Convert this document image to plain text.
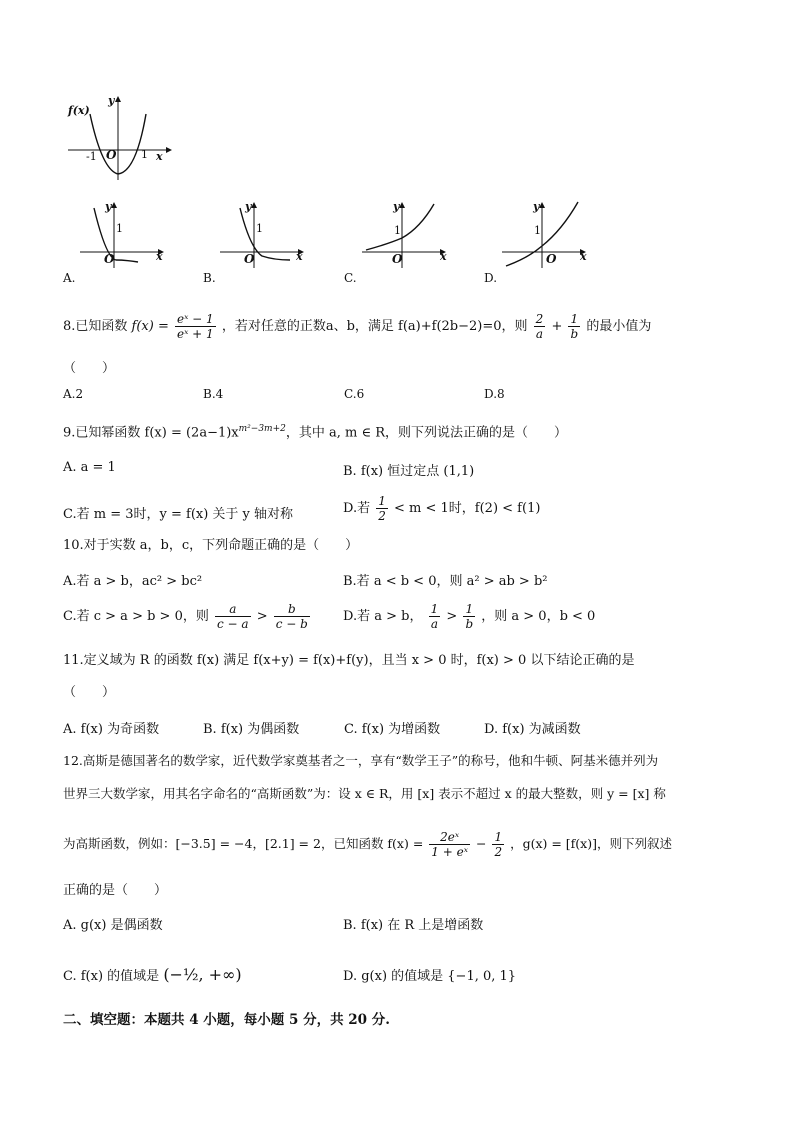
f(x)
y
-1 O 1 x
y
1
O	x
A.
y
1
O	x
B.
y
1
O	x
C.
y
1
O x
D.
8.已知函数 $f(x) = \frac{\text{eˣ − 1}}{\text{eˣ + 1}}$ ，若对任意的正数a、b，满足 f(a)+f(2b−2)=0，则 $\frac{2}{a} + \frac{1}{b}$ 的最小值为
（　　）
A.2	B.4	C.6	D.8
9.已知幂函数 $f(x) = (2a-1)x^{m^2-3m+2}$，其中 a, m ∈ R，则下列说法正确的是（　　）
A. a = 1	B. f(x) 恒过定点 (1,1)
C.若 m = 3时，y = f(x) 关于 y 轴对称	D.若 $\frac{1}{2} < m < 1$时，f(2) < f(1)
10.对于实数 a，b，c，下列命题正确的是（　　）
A.若 a > b，ac² > bc²	B.若 a < b < 0，则 a² > ab > b²
C.若 c > a > b > 0，则 $\frac{a}{c - a} > \frac{b}{c - b}$	D.若 a > b， $\frac{1}{a} > \frac{1}{b}$ ，则 a > 0，b < 0
11.定义域为 R 的函数 f(x) 满足 f(x+y) = f(x)+f(y)，且当 x > 0 时，f(x) > 0 以下结论正确的是
（　　）
A. f(x) 为奇函数	B. f(x) 为偶函数	C. f(x) 为增函数	D. f(x) 为减函数
12.高斯是德国著名的数学家，近代数学家奠基者之一，享有“数学王子”的称号，他和牛顿、阿基米德并列为
世界三大数学家，用其名字命名的“高斯函数”为：设 x ∈ R，用 [x] 表示不超过 x 的最大整数，则 y = [x] 称
为高斯函数，例如：[−3.5] = −4，[2.1] = 2，已知函数 $f(x) = \frac{\text{2eˣ}}{\text{1 + eˣ}} - \frac{1}{2}$ ，g(x) = [f(x)]，则下列叙述
正确的是（　　）
A. g(x) 是偶函数	B. f(x) 在 R 上是增函数
C. f(x) 的值域是 (−½, +∞)	D. g(x) 的值域是 {−1, 0, 1}
二、填空题：本题共 4 小题，每小题 5 分，共 20 分.
